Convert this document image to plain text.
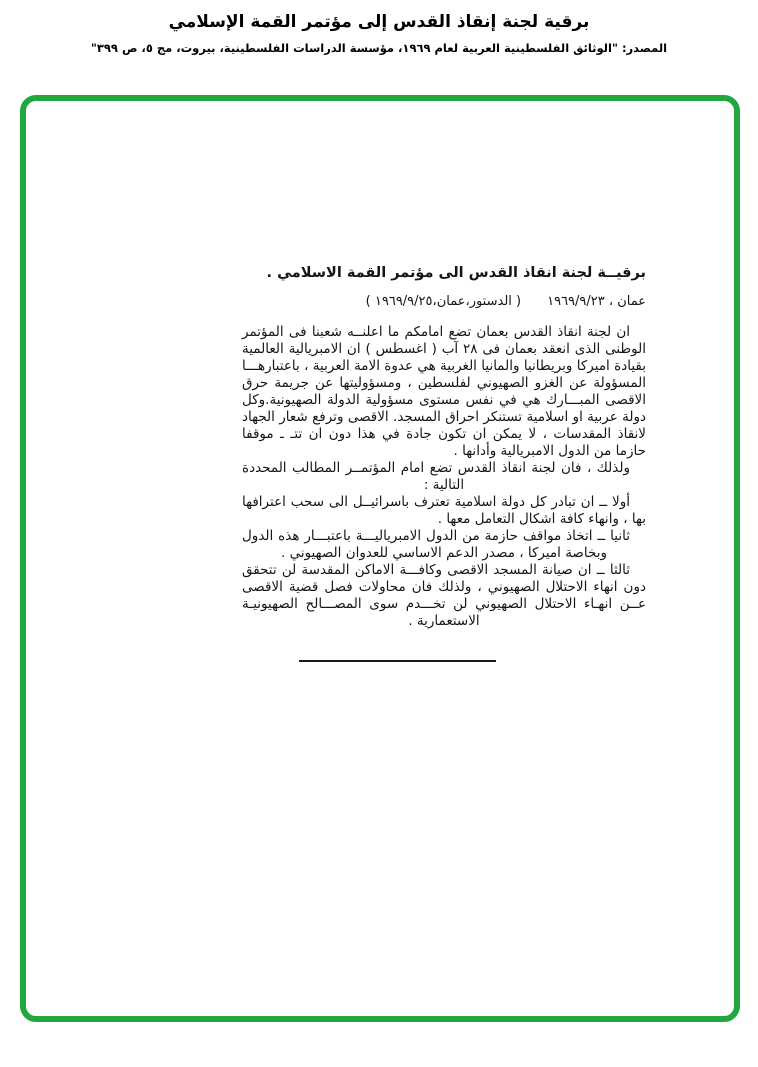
برقية لجنة إنقاذ القدس إلى مؤتمر القمة الإسلامي
المصدر: "الوثائق الفلسطينية العربية لعام ١٩٦٩، مؤسسة الدراسات الفلسطينية، بيروت، مج ٥، ص ٣٩٩"
برقيــة لجنة انقاذ القدس الى مؤتمر القمة الاسلامي .
عمان ، ١٩٦٩/٩/٢٣
( الدستور،عمان،١٩٦٩/٩/٢٥ )

ان لجنة انقاذ القدس بعمان تضع امامكم ما اعلنــه شعبنا فى المؤتمر الوطنى الذى انعقد بعمان فى ٢٨ آب ( اغسطس ) ان الامبريالية العالمية بقيادة اميركا وبريطانيا والمانيا الغربية هي عدوة الامة العربية ، باعتبارهـــا المسؤولة عن الغزو الصهيوني لفلسطين ، ومسؤوليتها عن جريمة حرق الاقصى المبـــارك هي في نفس مستوى مسؤولية الدولة الصهيونية.وكل دولة عربية او اسلامية تستنكر احراق المسجد. الاقصى وترفع شعار الجهاد لانقاذ المقدسات ، لا يمكن ان تكون جادة في هذا دون ان تتـ ـ موقفا حازما من الدول الامبريالية وأدانها .

ولذلك ، فان لجنة انقاذ القدس تضع امام المؤتمــر المطالب المحددة التالية :

أولا ــ ان تبادر كل دولة اسلامية تعترف باسرائيــل الى سحب اعترافها بها ، وانهاء كافة اشكال التعامل معها .

ثانيا ــ اتخاذ مواقف حازمة من الدول الامبرياليـــة باعتبـــار هذه الدول وبخاصة اميركا ، مصدر الدعم الاساسي للعدوان الصهيوني .

ثالثا ــ ان صيانة المسجد الاقصى وكافـــة الاماكن المقدسة لن تتحقق دون انهاء الاحتلال الصهيوني ، ولذلك فان محاولات فصل قضية الاقصى عــن انهـاء الاحتلال الصهيوني لن تخـــدم سوى المصـــالح الصهيونيـة الاستعمارية .
